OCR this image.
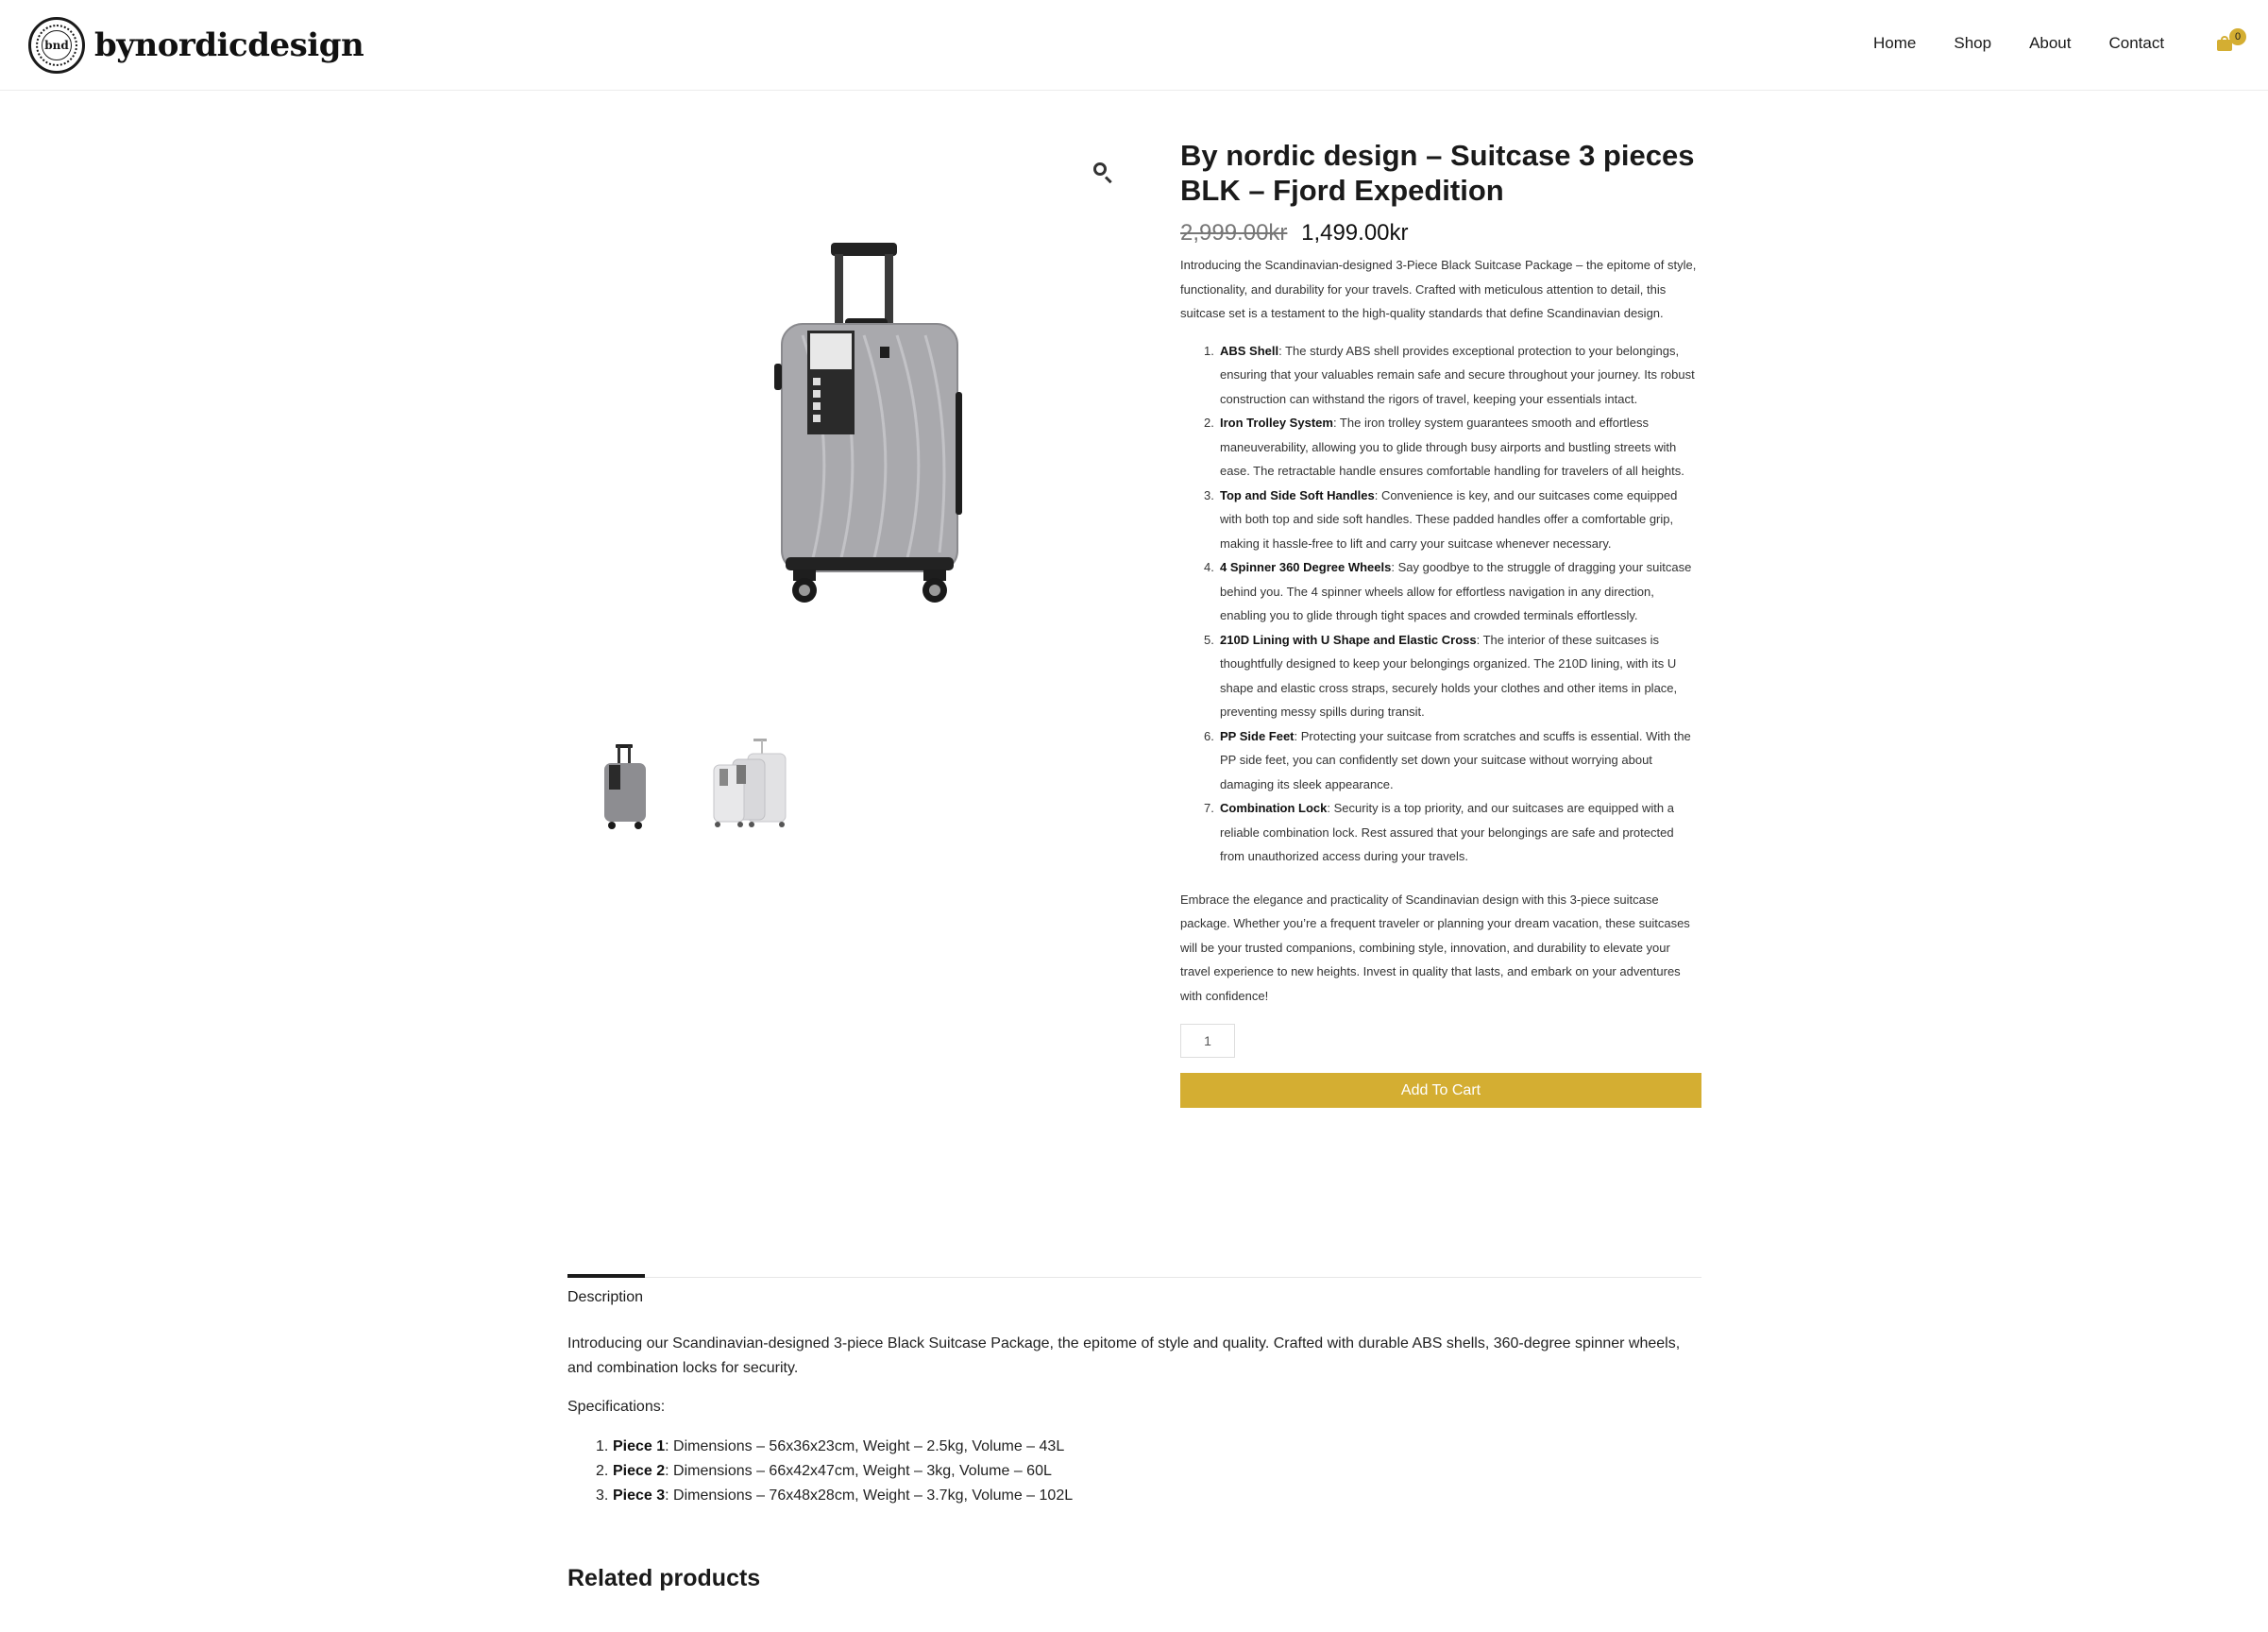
bnd bynordicdesign	Home Shop About Contact	0
By nordic design – Suitcase 3 pieces BLK – Fjord Expedition
2,999.00kr 1,499.00kr

Introducing the Scandinavian-designed 3-Piece Black Suitcase Package – the epitome of style, functionality, and durability for your travels. Crafted with meticulous attention to detail, this suitcase set is a testament to the high-quality standards that define Scandinavian design.

1. ABS Shell: The sturdy ABS shell provides exceptional protection to your belongings, ensuring that your valuables remain safe and secure throughout your journey. Its robust construction can withstand the rigors of travel, keeping your essentials intact.
2. Iron Trolley System: The iron trolley system guarantees smooth and effortless maneuverability, allowing you to glide through busy airports and bustling streets with ease. The retractable handle ensures comfortable handling for travelers of all heights.
3. Top and Side Soft Handles: Convenience is key, and our suitcases come equipped with both top and side soft handles. These padded handles offer a comfortable grip, making it hassle-free to lift and carry your suitcase whenever necessary.
4. 4 Spinner 360 Degree Wheels: Say goodbye to the struggle of dragging your suitcase behind you. The 4 spinner wheels allow for effortless navigation in any direction, enabling you to glide through tight spaces and crowded terminals effortlessly.
5. 210D Lining with U Shape and Elastic Cross: The interior of these suitcases is thoughtfully designed to keep your belongings organized. The 210D lining, with its U shape and elastic cross straps, securely holds your clothes and other items in place, preventing messy spills during transit.
6. PP Side Feet: Protecting your suitcase from scratches and scuffs is essential. With the PP side feet, you can confidently set down your suitcase without worrying about damaging its sleek appearance.
7. Combination Lock: Security is a top priority, and our suitcases are equipped with a reliable combination lock. Rest assured that your belongings are safe and protected from unauthorized access during your travels.

Embrace the elegance and practicality of Scandinavian design with this 3-piece suitcase package. Whether you’re a frequent traveler or planning your dream vacation, these suitcases will be your trusted companions, combining style, innovation, and durability to elevate your travel experience to new heights. Invest in quality that lasts, and embark on your adventures with confidence!

1
Add To Cart
Description

Introducing our Scandinavian-designed 3-piece Black Suitcase Package, the epitome of style and quality. Crafted with durable ABS shells, 360-degree spinner wheels, and combination locks for security.

Specifications:

1. Piece 1: Dimensions – 56x36x23cm, Weight – 2.5kg, Volume – 43L
2. Piece 2: Dimensions – 66x42x47cm, Weight – 3kg, Volume – 60L
3. Piece 3: Dimensions – 76x48x28cm, Weight – 3.7kg, Volume – 102L
Related products
